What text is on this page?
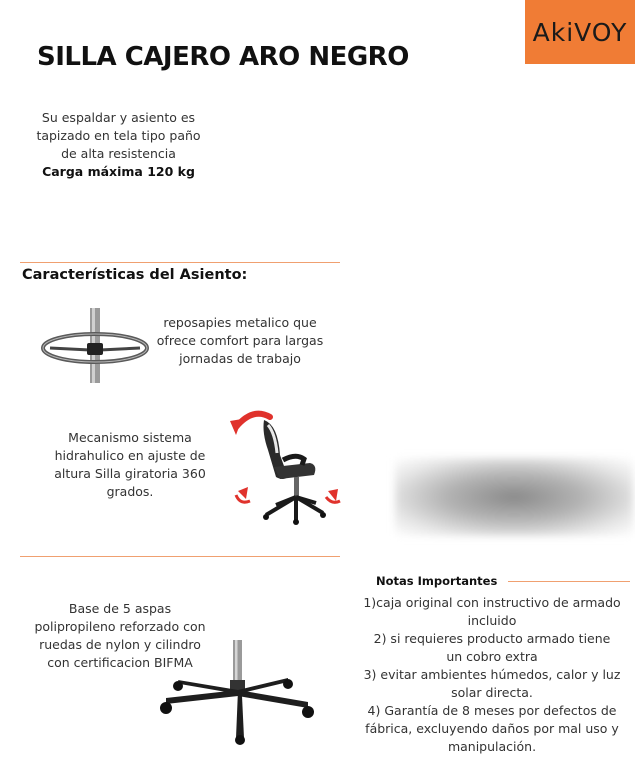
AkiVOY
SILLA CAJERO ARO NEGRO
Su espaldar y asiento es
tapizado en tela tipo paño
de alta resistencia
Carga máxima 120 kg
Características del Asiento:
reposapies metalico que
ofrece comfort para largas
jornadas de trabajo
Mecanismo sistema
hidrahulico en ajuste de
altura Silla giratoria 360
grados.
Base de 5 aspas
polipropileno reforzado con
ruedas de nylon y cilindro
con certificacion BIFMA
Notas Importantes
1)caja original con instructivo de armado
incluido
2) si requieres producto armado tiene
un cobro extra
3) evitar ambientes húmedos, calor y luz
solar directa.
4) Garantía de 8 meses por defectos de
fábrica, excluyendo daños por mal uso y
manipulación.
